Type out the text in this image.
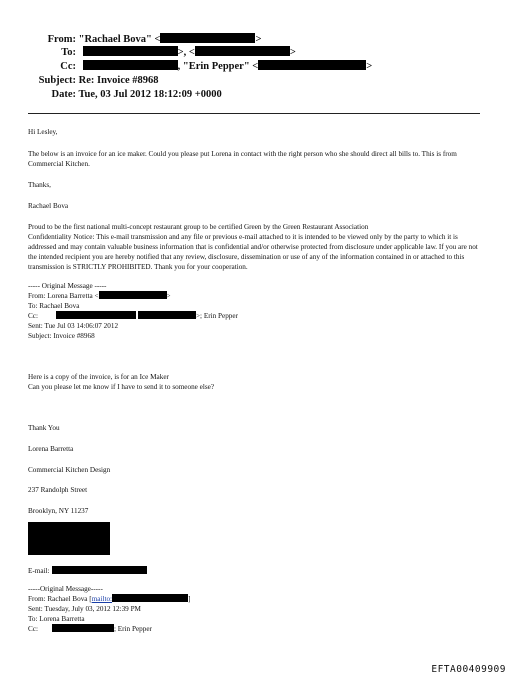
From: "Rachael Bova" <	>
To:	>, <	>
Cc:	, "Erin Pepper" <	>
Subject: Re: Invoice #8968
Date: Tue, 03 Jul 2012 18:12:09 +0000
Hi Lesley,
The below is an invoice for an ice maker. Could you please put Lorena in contact with the right person who she should direct all bills to. This is from Commercial Kitchen.
Thanks,
Rachael Bova
Proud to be the first national multi-concept restaurant group to be certified Green by the Green Restaurant Association
Confidentiality Notice: This e-mail transmission and any file or previous e-mail attached to it is intended to be viewed only by the party to which it is addressed and may contain valuable business information that is confidential and/or otherwise protected from disclosure under applicable law. If you are not the intended recipient you are hereby notified that any review, disclosure, dissemination or use of any of the information contained in or attached to this transmission is STRICTLY PROHIBITED. Thank you for your cooperation.
----- Original Message -----
From: Lorena Barretta <	>
To: Rachael Bova
Cc:	>; Erin Pepper
Sent: Tue Jul 03 14:06:07 2012
Subject: Invoice #8968
Here is a copy of the invoice, is for an Ice Maker
Can you please let me know if I have to send it to someone else?
Thank You
Lorena Barretta
Commercial Kitchen Design
237 Randolph Street
Brooklyn, NY 11237
E-mail:
-----Original Message-----
From: Rachael Bova [mailto:	]
Sent: Tuesday, July 03, 2012 12:39 PM
To: Lorena Barretta
Cc:	; Erin Pepper
EFTA00409909
